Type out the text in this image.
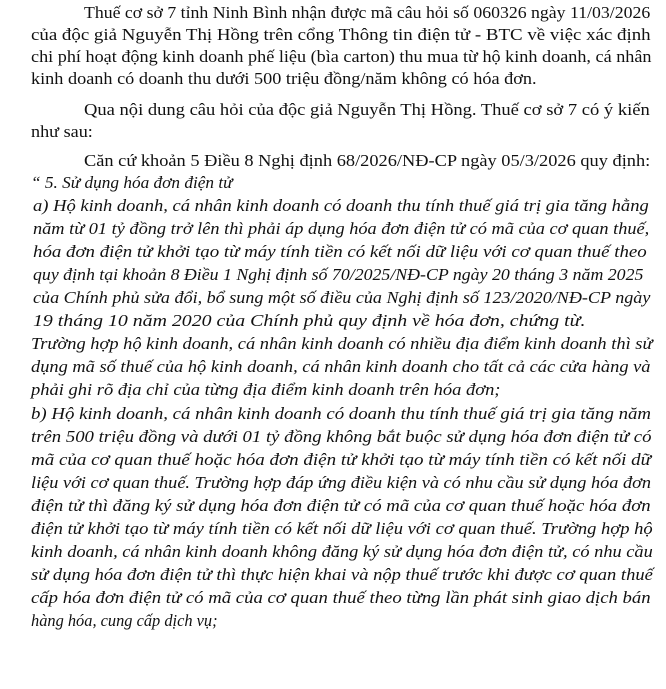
Thuế cơ sở 7 tỉnh Ninh Bình nhận được mã câu hỏi số 060326 ngày 11/03/2026
của độc giả Nguyễn Thị Hồng trên cổng Thông tin điện tử - BTC về việc xác định
chi phí hoạt động kinh doanh phế liệu (bìa carton) thu mua từ hộ kinh doanh, cá nhân
kinh doanh có doanh thu dưới 500 triệu đồng/năm không có hóa đơn.
Qua nội dung câu hỏi của độc giả Nguyễn Thị Hồng. Thuế cơ sở 7 có ý kiến
như sau:
Căn cứ khoản 5 Điều 8 Nghị định 68/2026/NĐ-CP ngày 05/3/2026 quy định:
“ 5. Sử dụng hóa đơn điện tử
a) Hộ kinh doanh, cá nhân kinh doanh có doanh thu tính thuế giá trị gia tăng hằng
năm từ 01 tỷ đồng trở lên thì phải áp dụng hóa đơn điện tử có mã của cơ quan thuế,
hóa đơn điện tử khởi tạo từ máy tính tiền có kết nối dữ liệu với cơ quan thuế theo
quy định tại khoản 8 Điều 1 Nghị định số 70/2025/NĐ-CP ngày 20 tháng 3 năm 2025
của Chính phủ sửa đổi, bổ sung một số điều của Nghị định số 123/2020/NĐ-CP ngày
19 tháng 10 năm 2020 của Chính phủ quy định về hóa đơn, chứng từ.
Trường hợp hộ kinh doanh, cá nhân kinh doanh có nhiều địa điểm kinh doanh thì sử
dụng mã số thuế của hộ kinh doanh, cá nhân kinh doanh cho tất cả các cửa hàng và
phải ghi rõ địa chỉ của từng địa điểm kinh doanh trên hóa đơn;
b) Hộ kinh doanh, cá nhân kinh doanh có doanh thu tính thuế giá trị gia tăng năm
trên 500 triệu đồng và dưới 01 tỷ đồng không bắt buộc sử dụng hóa đơn điện tử có
mã của cơ quan thuế hoặc hóa đơn điện tử khởi tạo từ máy tính tiền có kết nối dữ
liệu với cơ quan thuế. Trường hợp đáp ứng điều kiện và có nhu cầu sử dụng hóa đơn
điện tử thì đăng ký sử dụng hóa đơn điện tử có mã của cơ quan thuế hoặc hóa đơn
điện tử khởi tạo từ máy tính tiền có kết nối dữ liệu với cơ quan thuế. Trường hợp hộ
kinh doanh, cá nhân kinh doanh không đăng ký sử dụng hóa đơn điện tử, có nhu cầu
sử dụng hóa đơn điện tử thì thực hiện khai và nộp thuế trước khi được cơ quan thuế
cấp hóa đơn điện tử có mã của cơ quan thuế theo từng lần phát sinh giao dịch bán
hàng hóa, cung cấp dịch vụ;
